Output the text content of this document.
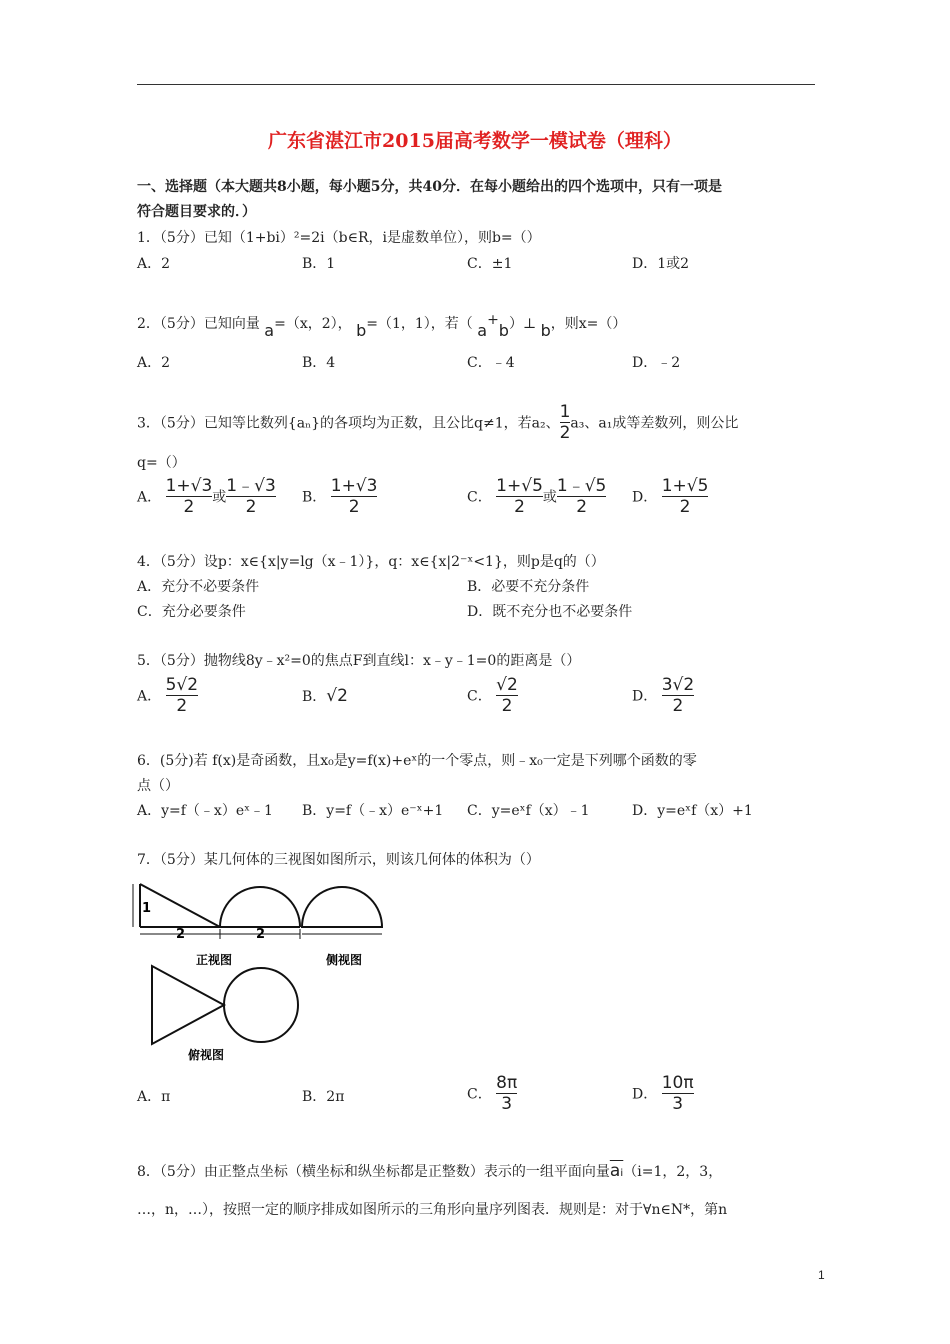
广东省湛江市2015届高考数学一模试卷（理科）
一、选择题（本大题共8小题，每小题5分，共40分．在每小题给出的四个选项中，只有一项是
符合题目要求的．）
1．（5分）已知（1+bi）²=2i（b∈R，i是虚数单位），则b=（）
A．2	B．1	C．±1	D．1或2
2．（5分）已知向量 a=（x，2）， b=（1，1），若（ a+b）⊥ b，则x=（）
A．2	B．4	C．﹣4	D．﹣2
3．（5分）已知等比数列{aₙ}的各项均为正数，且公比q≠1，若a₂、 $\frac{1}{2} a_3$、a₁成等差数列，则公比
q=（）
A． $\frac{1+√3}{2}$ 或 $\frac{1﹣√3}{2}$ B． $\frac{1+√3}{2}$	C． $\frac{1+√5}{2}$ 或 $\frac{1﹣√5}{2}$ D． $\frac{1+√5}{2}$
4．（5分）设p：x∈{x|y=lg（x﹣1）}，q：x∈{x|2⁻ˣ<1}，则p是q的（）
A．充分不必要条件	B．必要不充分条件
C．充分必要条件	D．既不充分也不必要条件
5．（5分）抛物线8y﹣x²=0的焦点F到直线l：x﹣y﹣1=0的距离是（）
A． $\frac{5√2}{2}$	B．√2	C． $\frac{√2}{2}$	D． $\frac{3√2}{2}$
6．(5分)若 f(x)是奇函数，且x₀是y=f(x)+eˣ的一个零点，则﹣x₀一定是下列哪个函数的零
点（）
A．y=f（﹣x）eˣ﹣1 B．y=f（﹣x）e⁻ˣ+1 C．y=eˣf（x）﹣1	D．y=eˣf（x）+1
7．（5分）某几何体的三视图如图所示，则该几何体的体积为（）
1
2	2
正视图	侧视图
俯视图
A．π	B．2π	C． $\frac{8\pi}{3}$	D． $\frac{10\pi}{3}$
8．（5分）由正整点坐标（横坐标和纵坐标都是正整数）表示的一组平面向量$\overline{aᵢ}(i=1$，2，3，
…，n，…），按照一定的顺序排成如图所示的三角形向量序列图表．规则是：对于∀n∈N*，第n
1
